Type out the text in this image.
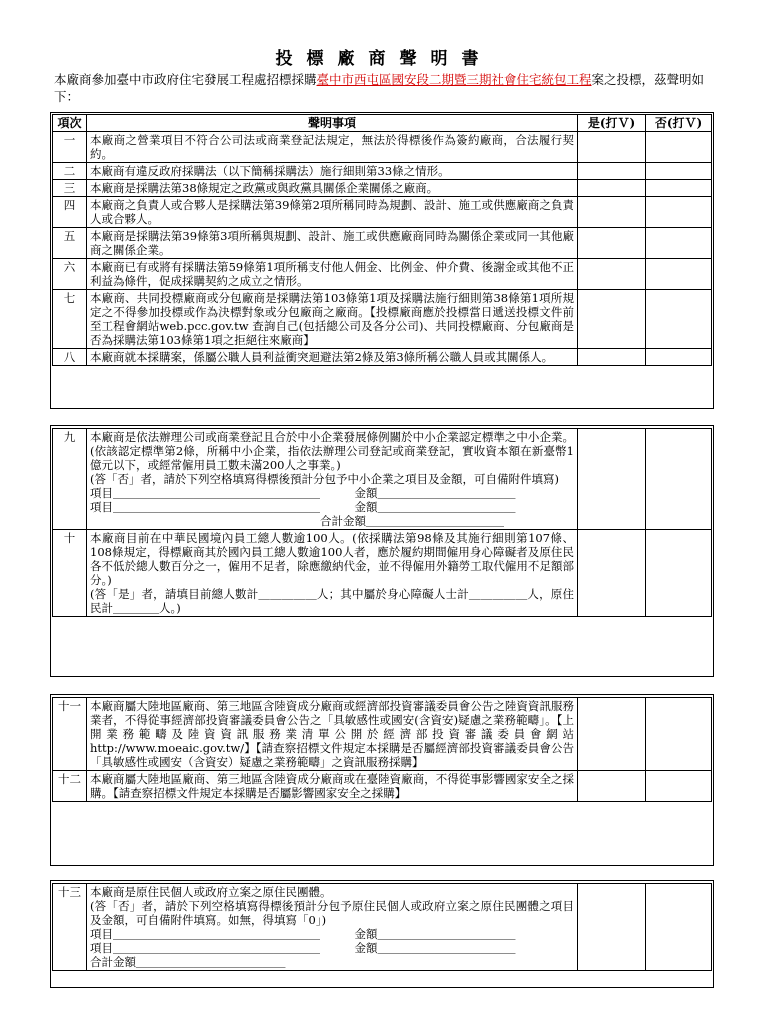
投標廠商聲明書
本廠商參加臺中市政府住宅發展工程處招標採購臺中市西屯區國安段二期暨三期社會住宅統包工程案之投標，茲聲明如下：
項次	聲明事項	是(打Ｖ)	否(打Ｖ)
一	本廠商之營業項目不符合公司法或商業登記法規定，無法於得標後作為簽約廠商，合法履行契約。		
二	本廠商有違反政府採購法（以下簡稱採購法）施行細則第33條之情形。		
三	本廠商是採購法第38條規定之政黨或與政黨具關係企業關係之廠商。		
四	本廠商之負責人或合夥人是採購法第39條第2項所稱同時為規劃、設計、施工或供應廠商之負責人或合夥人。		
五	本廠商是採購法第39條第3項所稱與規劃、設計、施工或供應廠商同時為關係企業或同一其他廠商之關係企業。		
六	本廠商已有或將有採購法第59條第1項所稱支付他人佣金、比例金、仲介費、後謝金或其他不正利益為條件，促成採購契約之成立之情形。		
七	本廠商、共同投標廠商或分包廠商是採購法第103條第1項及採購法施行細則第38條第1項所規定之不得參加投標或作為決標對象或分包廠商之廠商。【投標廠商應於投標當日遞送投標文件前至工程會網站web.pcc.gov.tw 查詢自己(包括總公司及各分公司)、共同投標廠商、分包廠商是否為採購法第103條第1項之拒絕往來廠商】		
八	本廠商就本採購案，係屬公職人員利益衝突迴避法第2條及第3條所稱公職人員或其關係人。		
九	本廠商是依法辦理公司或商業登記且合於中小企業發展條例關於中小企業認定標準之中小企業。(依該認定標準第2條，所稱中小企業，指依法辦理公司登記或商業登記，實收資本額在新臺幣1億元以下，或經常僱用員工數未滿200人之事業。)
(答「否」者，請於下列空格填寫得標後預計分包予中小企業之項目及金額，可自備附件填寫)
項目＿＿＿＿＿＿＿＿＿＿＿＿＿＿＿＿＿＿　　　金額＿＿＿＿＿＿＿＿＿＿＿＿
項目＿＿＿＿＿＿＿＿＿＿＿＿＿＿＿＿＿＿　　　金額＿＿＿＿＿＿＿＿＿＿＿＿
　　　　　　　　　　　　　　　　　　　　合計金額＿＿＿＿＿＿＿＿＿＿＿＿		

十	本廠商目前在中華民國境內員工總人數逾100人。(依採購法第98條及其施行細則第107條、108條規定，得標廠商其於國內員工總人數逾100人者，應於履約期間僱用身心障礙者及原住民各不低於總人數百分之一，僱用不足者，除應繳納代金，並不得僱用外籍勞工取代僱用不足額部分。)
(答「是」者，請填目前總人數計＿＿＿＿＿人；其中屬於身心障礙人士計＿＿＿＿＿人，原住民計＿＿＿＿人。)		

十一	本廠商屬大陸地區廠商、第三地區含陸資成分廠商或經濟部投資審議委員會公告之陸資資訊服務業者，不得從事經濟部投資審議委員會公告之「具敏感性或國安(含資安)疑慮之業務範疇」。【上開業務範疇及陸資資訊服務業清單公開於經濟部投資審議委員會網站http://www.moeaic.gov.tw/】【請查察招標文件規定本採購是否屬經濟部投資審議委員會公告「具敏感性或國安（含資安）疑慮之業務範疇」之資訊服務採購】		
十二	本廠商屬大陸地區廠商、第三地區含陸資成分廠商或在臺陸資廠商，不得從事影響國家安全之採購。【請查察招標文件規定本採購是否屬影響國家安全之採購】		
十三	本廠商是原住民個人或政府立案之原住民團體。
(答「否」者，請於下列空格填寫得標後預計分包予原住民個人或政府立案之原住民團體之項目及金額，可自備附件填寫。如無，得填寫「0」)
項目＿＿＿＿＿＿＿＿＿＿＿＿＿＿＿＿＿＿　　　金額＿＿＿＿＿＿＿＿＿＿＿＿
項目＿＿＿＿＿＿＿＿＿＿＿＿＿＿＿＿＿＿　　　金額＿＿＿＿＿＿＿＿＿＿＿＿
合計金額＿＿＿＿＿＿＿＿＿＿＿＿＿
